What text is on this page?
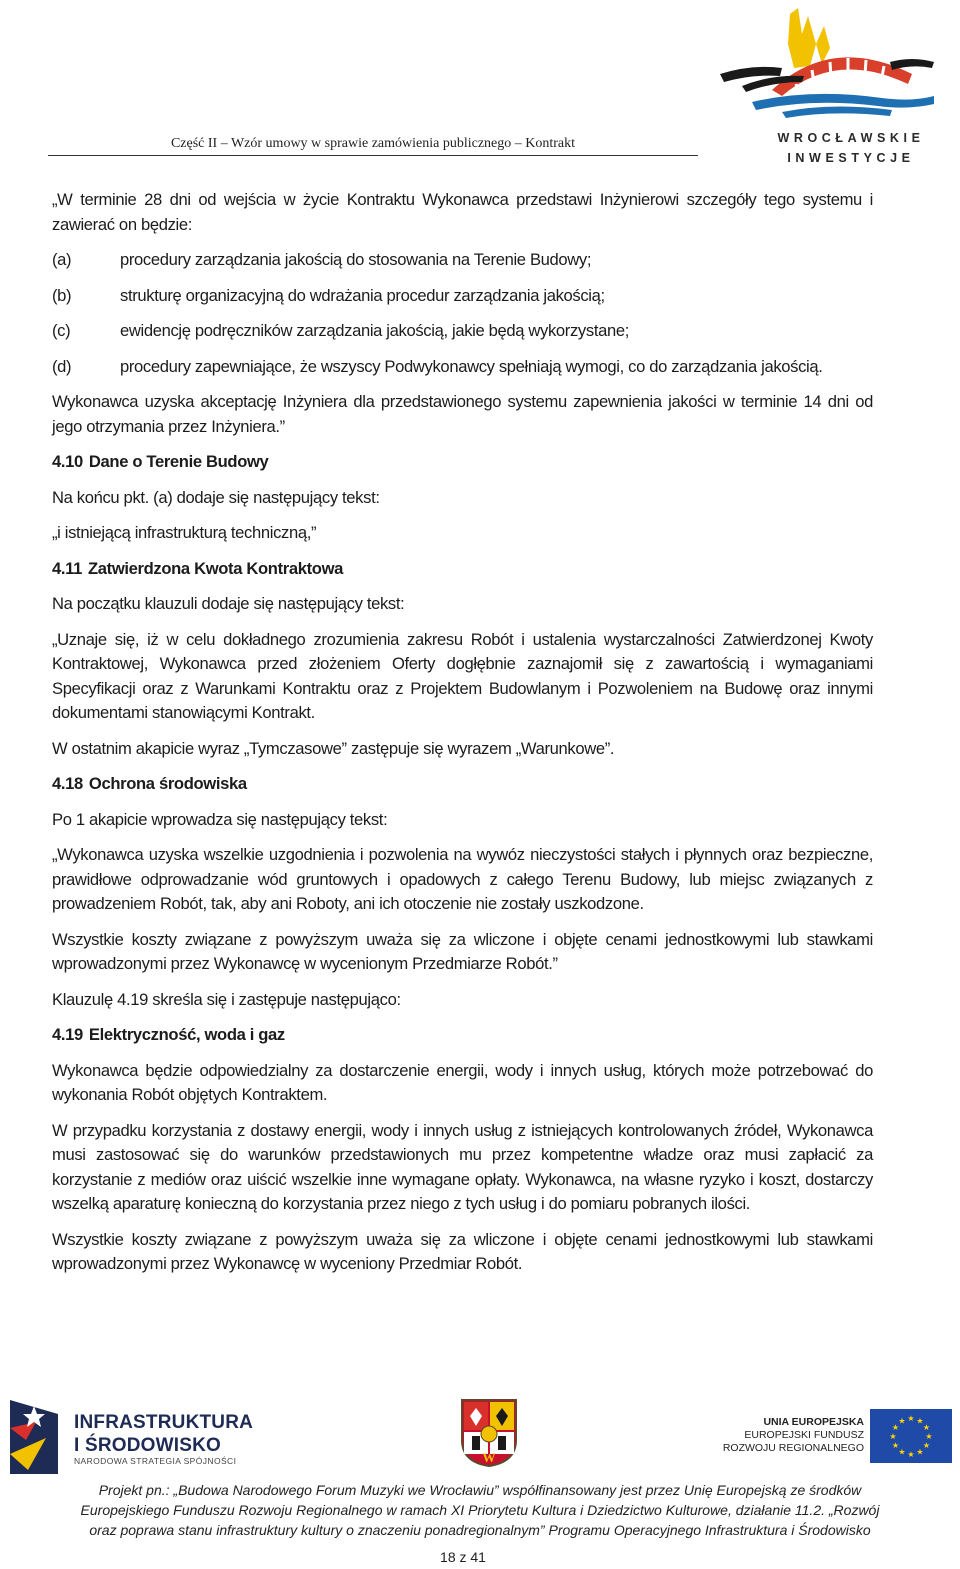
Część II – Wzór umowy w sprawie zamówienia publicznego – Kontrakt	WROCŁAWSKIE
INWESTYCJE

„W terminie 28 dni od wejścia w życie Kontraktu Wykonawca przedstawi Inżynierowi szczegóły tego systemu i zawierać on będzie:

(a)	procedury zarządzania jakością do stosowania na Terenie Budowy;
(b)	strukturę organizacyjną do wdrażania procedur zarządzania jakością;
(c)	ewidencję podręczników zarządzania jakością, jakie będą wykorzystane;
(d)	procedury zapewniające, że wszyscy Podwykonawcy spełniają wymogi, co do zarządzania jakością.

Wykonawca uzyska akceptację Inżyniera dla przedstawionego systemu zapewnienia jakości w terminie 14 dni od jego otrzymania przez Inżyniera.”

4.10 Dane o Terenie Budowy

Na końcu pkt. (a) dodaje się następujący tekst:

„i istniejącą infrastrukturą techniczną,”

4.11 Zatwierdzona Kwota Kontraktowa

Na początku klauzuli dodaje się następujący tekst:

„Uznaje się, iż w celu dokładnego zrozumienia zakresu Robót i ustalenia wystarczalności Zatwierdzonej Kwoty Kontraktowej, Wykonawca przed złożeniem Oferty dogłębnie zaznajomił się z zawartością i wymaganiami Specyfikacji oraz z Warunkami Kontraktu oraz z Projektem Budowlanym i Pozwoleniem na Budowę oraz innymi dokumentami stanowiącymi Kontrakt.

W ostatnim akapicie wyraz „Tymczasowe” zastępuje się wyrazem „Warunkowe”.

4.18 Ochrona środowiska

Po 1 akapicie wprowadza się następujący tekst:

„Wykonawca uzyska wszelkie uzgodnienia i pozwolenia na wywóz nieczystości stałych i płynnych oraz bezpieczne, prawidłowe odprowadzanie wód gruntowych i opadowych z całego Terenu Budowy, lub miejsc związanych z prowadzeniem Robót, tak, aby ani Roboty, ani ich otoczenie nie zostały uszkodzone.

Wszystkie koszty związane z powyższym uważa się za wliczone i objęte cenami jednostkowymi lub stawkami wprowadzonymi przez Wykonawcę w wycenionym Przedmiarze Robót.”

Klauzulę 4.19 skreśla się i zastępuje następująco:

4.19 Elektryczność, woda i gaz

Wykonawca będzie odpowiedzialny za dostarczenie energii, wody i innych usług, których może potrzebować do wykonania Robót objętych Kontraktem.

W przypadku korzystania z dostawy energii, wody i innych usług z istniejących kontrolowanych źródeł, Wykonawca musi zastosować się do warunków przedstawionych mu przez kompetentne władze oraz musi zapłacić za korzystanie z mediów oraz uiścić wszelkie inne wymagane opłaty. Wykonawca, na własne ryzyko i koszt, dostarczy wszelką aparaturę konieczną do korzystania przez niego z tych usług i do pomiaru pobranych ilości.

Wszystkie koszty związane z powyższym uważa się za wliczone i objęte cenami jednostkowymi lub stawkami wprowadzonymi przez Wykonawcę w wyceniony Przedmiar Robót.

INFRASTRUKTURA
I ŚRODOWISKO
NARODOWA STRATEGIA SPÓJNOŚCI	W
UNIA EUROPEJSKA
EUROPEJSKI FUNDUSZ
ROZWOJU REGIONALNEGO
★ ★
★
★
★
★
★
★
★
★
★
★
Projekt pn.: „Budowa Narodowego Forum Muzyki we Wrocławiu” współfinansowany jest przez Unię Europejską ze środków
Europejskiego Funduszu Rozwoju Regionalnego w ramach XI Priorytetu Kultura i Dziedzictwo Kulturowe, działanie 11.2. „Rozwój
oraz poprawa stanu infrastruktury kultury o znaczeniu ponadregionalnym” Programu Operacyjnego Infrastruktura i Środowisko
18 z 41
